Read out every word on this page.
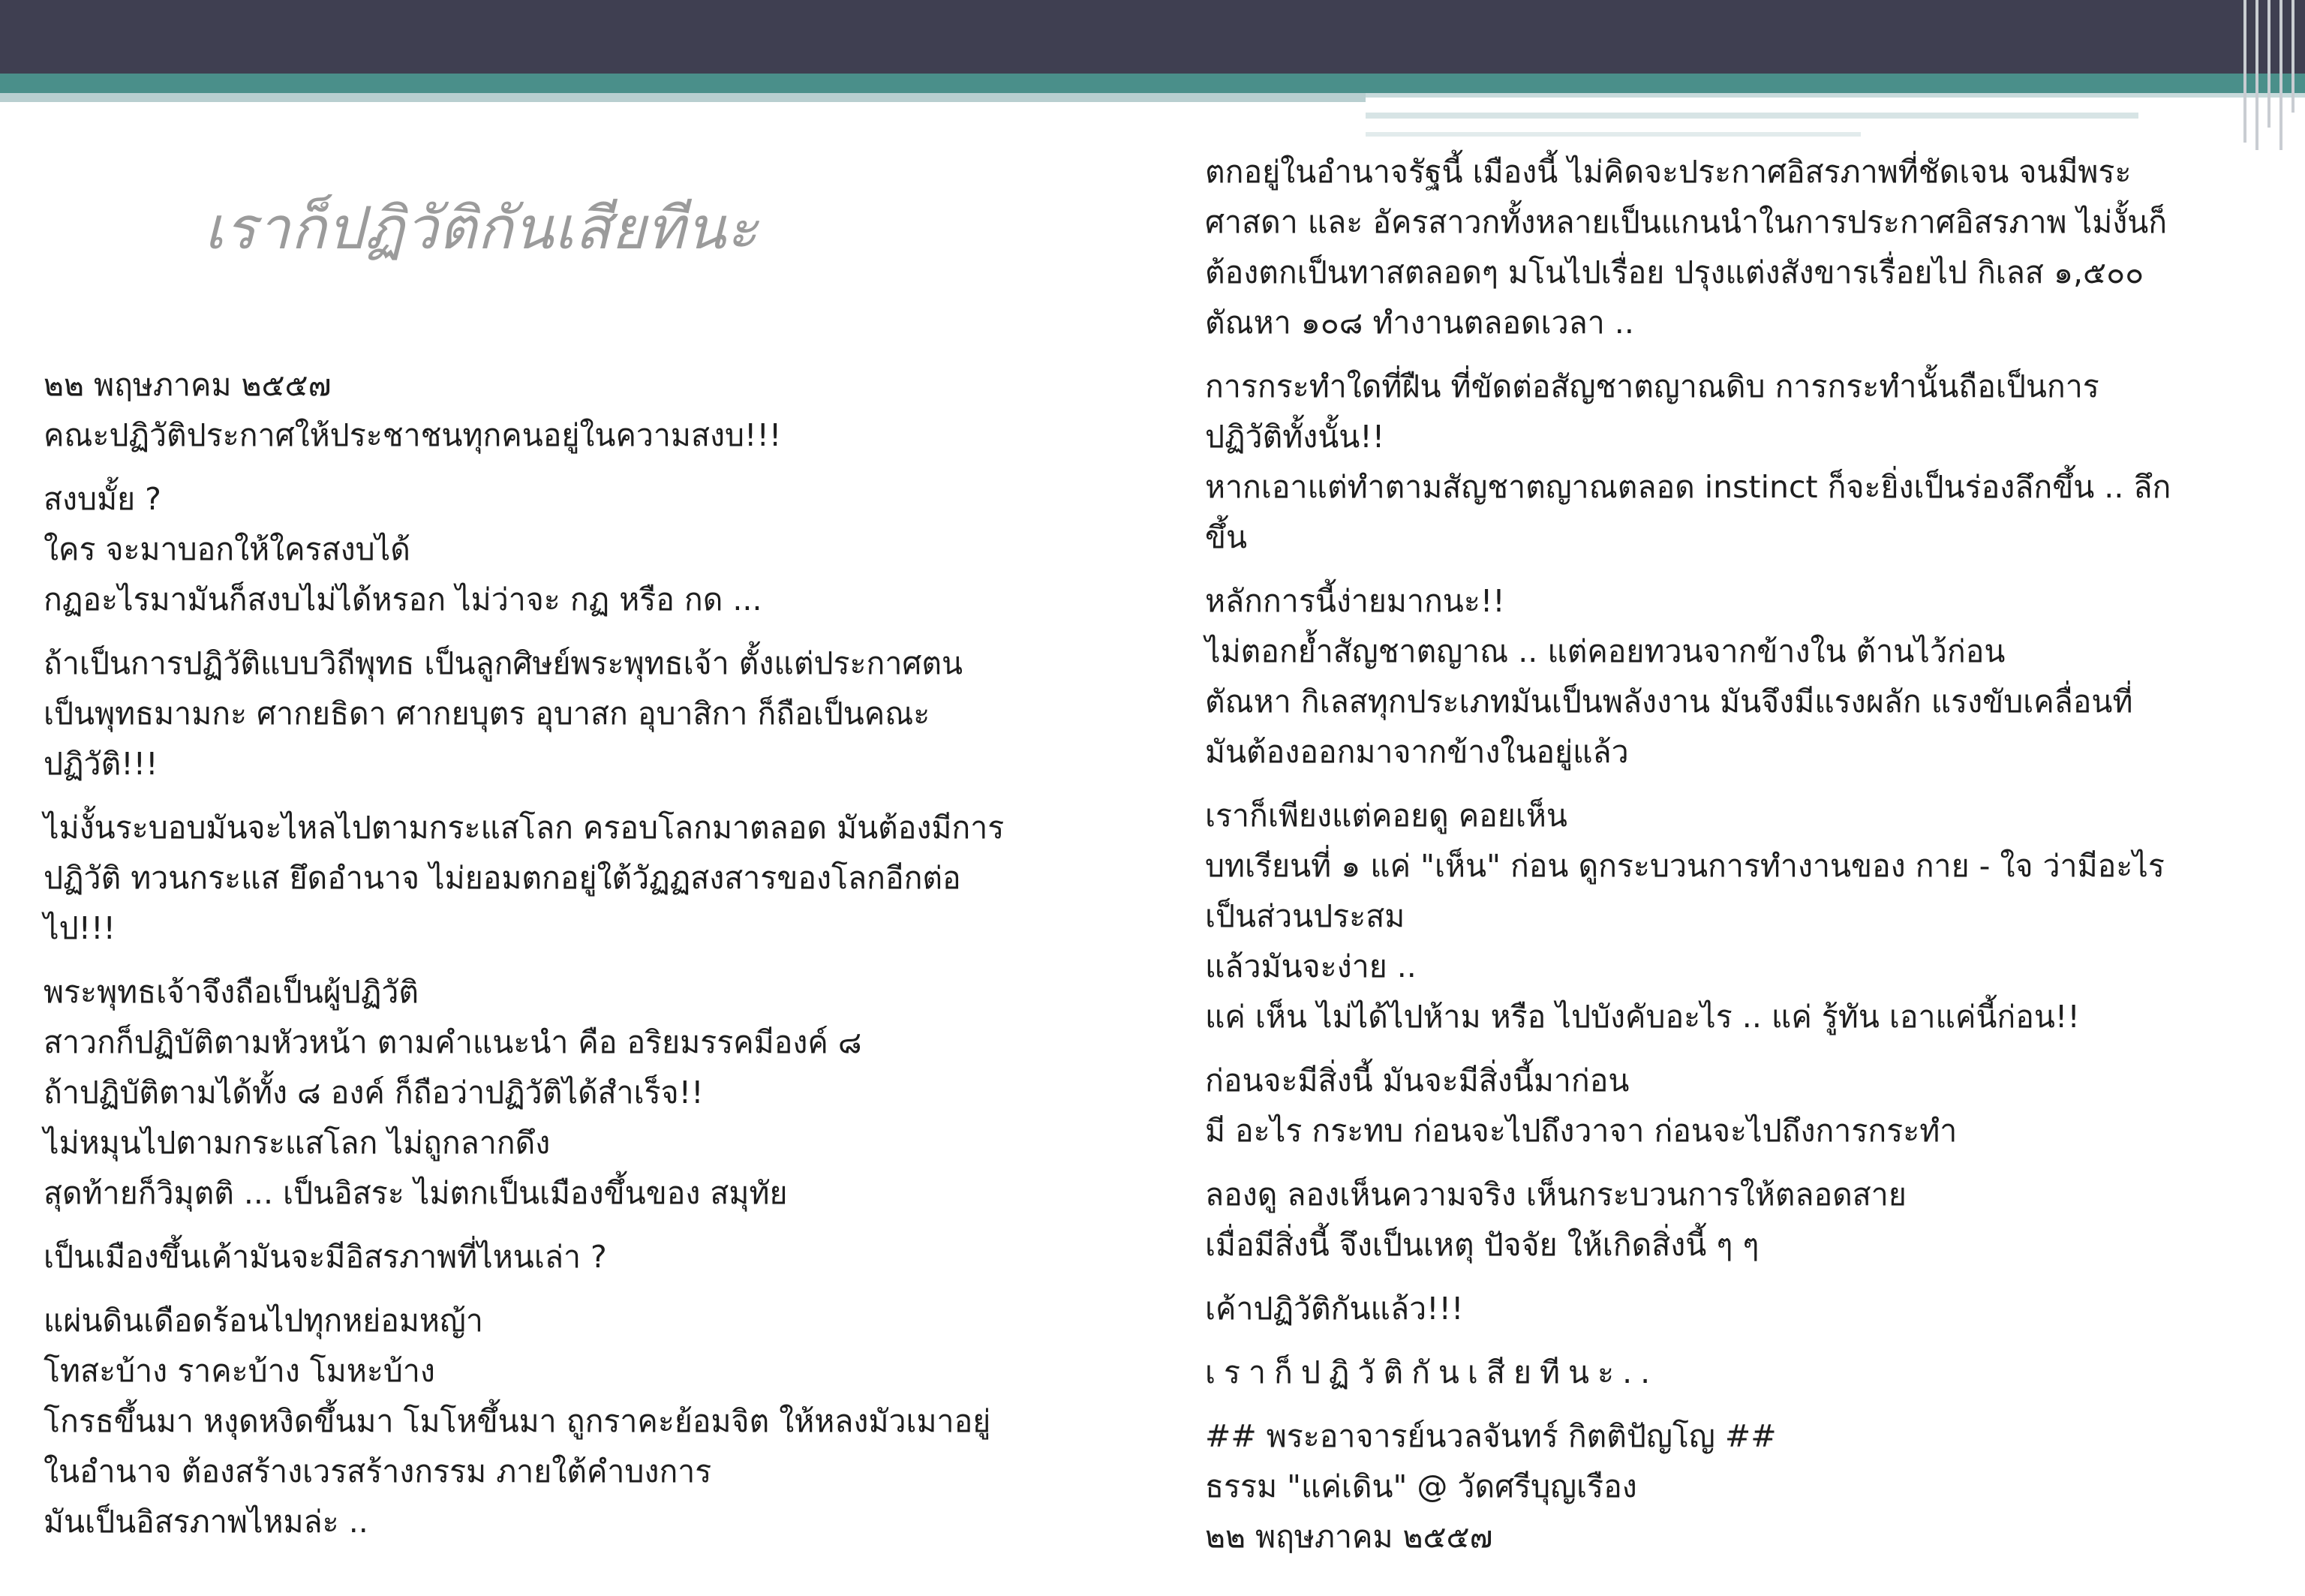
เราก็ปฏิวัติกันเสียทีนะ
๒๒ พฤษภาคม ๒๕๕๗
คณะปฏิวัติประกาศให้ประชาชนทุกคนอยู่ในความสงบ!!!
สงบมั้ย ?
ใคร จะมาบอกให้ใครสงบได้
กฏอะไรมามันก็สงบไม่ได้หรอก ไม่ว่าจะ กฏ หรือ กด ...
ถ้าเป็นการปฏิวัติแบบวิถีพุทธ เป็นลูกศิษย์พระพุทธเจ้า ตั้งแต่ประกาศตน
เป็นพุทธมามกะ ศากยธิดา ศากยบุตร อุบาสก อุบาสิกา ก็ถือเป็นคณะ
ปฏิวัติ!!!
ไม่งั้นระบอบมันจะไหลไปตามกระแสโลก ครอบโลกมาตลอด มันต้องมีการ
ปฏิวัติ ทวนกระแส ยึดอำนาจ ไม่ยอมตกอยู่ใต้วัฏฏสงสารของโลกอีกต่อ
ไป!!!
พระพุทธเจ้าจึงถือเป็นผู้ปฏิวัติ
สาวกก็ปฏิบัติตามหัวหน้า ตามคำแนะนำ คือ อริยมรรคมีองค์ ๘
ถ้าปฏิบัติตามได้ทั้ง ๘ องค์ ก็ถือว่าปฏิวัติได้สำเร็จ!!
ไม่หมุนไปตามกระแสโลก ไม่ถูกลากดึง
สุดท้ายก็วิมุตติ ... เป็นอิสระ ไม่ตกเป็นเมืองขึ้นของ สมุทัย
เป็นเมืองขึ้นเค้ามันจะมีอิสรภาพที่ไหนเล่า ?
แผ่นดินเดือดร้อนไปทุกหย่อมหญ้า
โทสะบ้าง ราคะบ้าง โมหะบ้าง
โกรธขึ้นมา หงุดหงิดขึ้นมา โมโหขึ้นมา ถูกราคะย้อมจิต ให้หลงมัวเมาอยู่
ในอำนาจ ต้องสร้างเวรสร้างกรรม ภายใต้คำบงการ
มันเป็นอิสรภาพไหมล่ะ ..
ตกอยู่ในอำนาจรัฐนี้ เมืองนี้ ไม่คิดจะประกาศอิสรภาพที่ชัดเจน จนมีพระ
ศาสดา และ อัครสาวกทั้งหลายเป็นแกนนำในการประกาศอิสรภาพ ไม่งั้นก็
ต้องตกเป็นทาสตลอดๆ มโนไปเรื่อย ปรุงแต่งสังขารเรื่อยไป กิเลส ๑,๕๐๐
ตัณหา ๑๐๘ ทำงานตลอดเวลา ..
การกระทำใดที่ฝืน ที่ขัดต่อสัญชาตญาณดิบ การกระทำนั้นถือเป็นการ
ปฏิวัติทั้งนั้น!!
หากเอาแต่ทำตามสัญชาตญาณตลอด instinct ก็จะยิ่งเป็นร่องลึกขึ้น .. ลึก
ขึ้น
หลักการนี้ง่ายมากนะ!!
ไม่ตอกย้ำสัญชาตญาณ .. แต่คอยทวนจากข้างใน ต้านไว้ก่อน
ตัณหา กิเลสทุกประเภทมันเป็นพลังงาน มันจึงมีแรงผลัก แรงขับเคลื่อนที่
มันต้องออกมาจากข้างในอยู่แล้ว
เราก็เพียงแต่คอยดู คอยเห็น
บทเรียนที่ ๑ แค่ "เห็น" ก่อน ดูกระบวนการทำงานของ กาย - ใจ ว่ามีอะไร
เป็นส่วนประสม
แล้วมันจะง่าย ..
แค่ เห็น ไม่ได้ไปห้าม หรือ ไปบังคับอะไร .. แค่ รู้ทัน เอาแค่นี้ก่อน!!
ก่อนจะมีสิ่งนี้ มันจะมีสิ่งนี้มาก่อน
มี อะไร กระทบ ก่อนจะไปถึงวาจา ก่อนจะไปถึงการกระทำ
ลองดู ลองเห็นความจริง เห็นกระบวนการให้ตลอดสาย
เมื่อมีสิ่งนี้ จึงเป็นเหตุ ปัจจัย ให้เกิดสิ่งนี้ ๆ ๆ
เค้าปฏิวัติกันแล้ว!!!
เราก็ปฏิวัติกันเสียทีนะ..
## พระอาจารย์นวลจันทร์ กิตติปัญโญ ##
ธรรม "แค่เดิน" @ วัดศรีบุญเรือง
๒๒ พฤษภาคม ๒๕๕๗
